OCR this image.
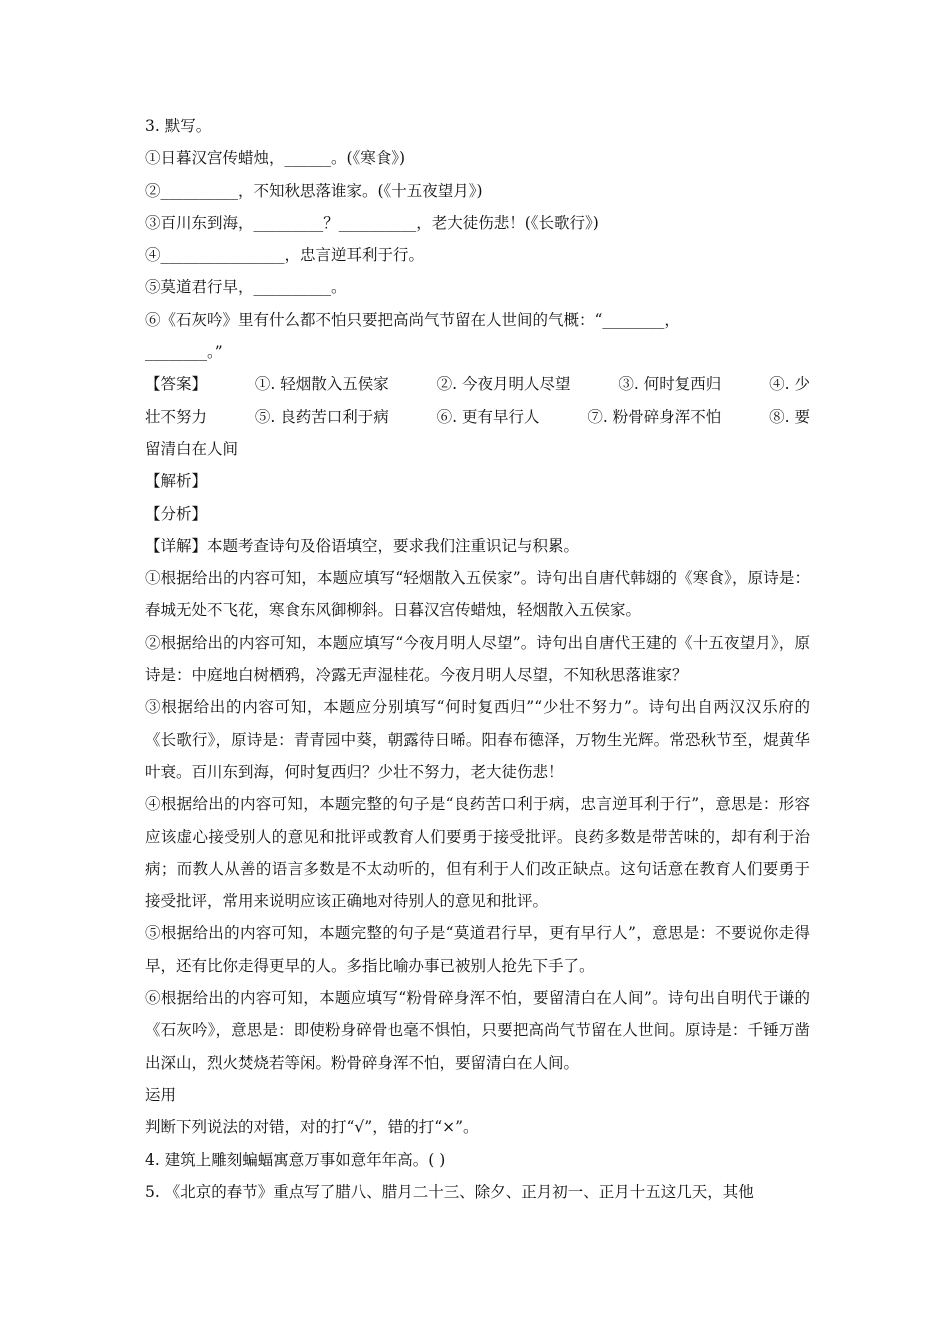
3. 默写。
①日暮汉宫传蜡烛，______。(《寒食》)
②__________，不知秋思落谁家。(《十五夜望月》)
③百川东到海，_________？__________，老大徒伤悲！(《长歌行》)
④________________，忠言逆耳利于行。
⑤莫道君行早，__________。
⑥《石灰吟》里有什么都不怕只要把高尚气节留在人世间的气概：“________，
________。”
【答案】	①. 轻烟散入五侯家	②. 今夜月明人尽望	③. 何时复西归	④. 少
壮不努力	⑤. 良药苦口利于病	⑥. 更有早行人	⑦. 粉骨碎身浑不怕	⑧. 要
留清白在人间
【解析】
【分析】
【详解】本题考查诗句及俗语填空，要求我们注重识记与积累。
①根据给出的内容可知，本题应填写“轻烟散入五侯家”。诗句出自唐代韩翃的《寒食》，原诗是：春城无处不飞花，寒食东风御柳斜。日暮汉宫传蜡烛，轻烟散入五侯家。
②根据给出的内容可知，本题应填写“今夜月明人尽望”。诗句出自唐代王建的《十五夜望月》，原诗是：中庭地白树栖鸦，冷露无声湿桂花。今夜月明人尽望，不知秋思落谁家？
③根据给出的内容可知，本题应分别填写“何时复西归”“少壮不努力”。诗句出自两汉汉乐府的《长歌行》，原诗是：青青园中葵，朝露待日晞。阳春布德泽，万物生光辉。常恐秋节至，焜黄华叶衰。百川东到海，何时复西归？少壮不努力，老大徒伤悲！
④根据给出的内容可知，本题完整的句子是“良药苦口利于病，忠言逆耳利于行”，意思是：形容应该虚心接受别人的意见和批评或教育人们要勇于接受批评。良药多数是带苦味的，却有利于治病；而教人从善的语言多数是不太动听的，但有利于人们改正缺点。这句话意在教育人们要勇于接受批评，常用来说明应该正确地对待别人的意见和批评。
⑤根据给出的内容可知，本题完整的句子是“莫道君行早，更有早行人”，意思是：不要说你走得早，还有比你走得更早的人。多指比喻办事已被别人抢先下手了。
⑥根据给出的内容可知，本题应填写“粉骨碎身浑不怕，要留清白在人间”。诗句出自明代于谦的《石灰吟》，意思是：即使粉身碎骨也毫不惧怕，只要把高尚气节留在人世间。原诗是：千锤万凿出深山，烈火焚烧若等闲。粉骨碎身浑不怕，要留清白在人间。
运用
判断下列说法的对错，对的打“√”，错的打“×”。
4. 建筑上雕刻蝙蝠寓意万事如意年年高。( )
5. 《北京的春节》重点写了腊八、腊月二十三、除夕、正月初一、正月十五这几天，其他
